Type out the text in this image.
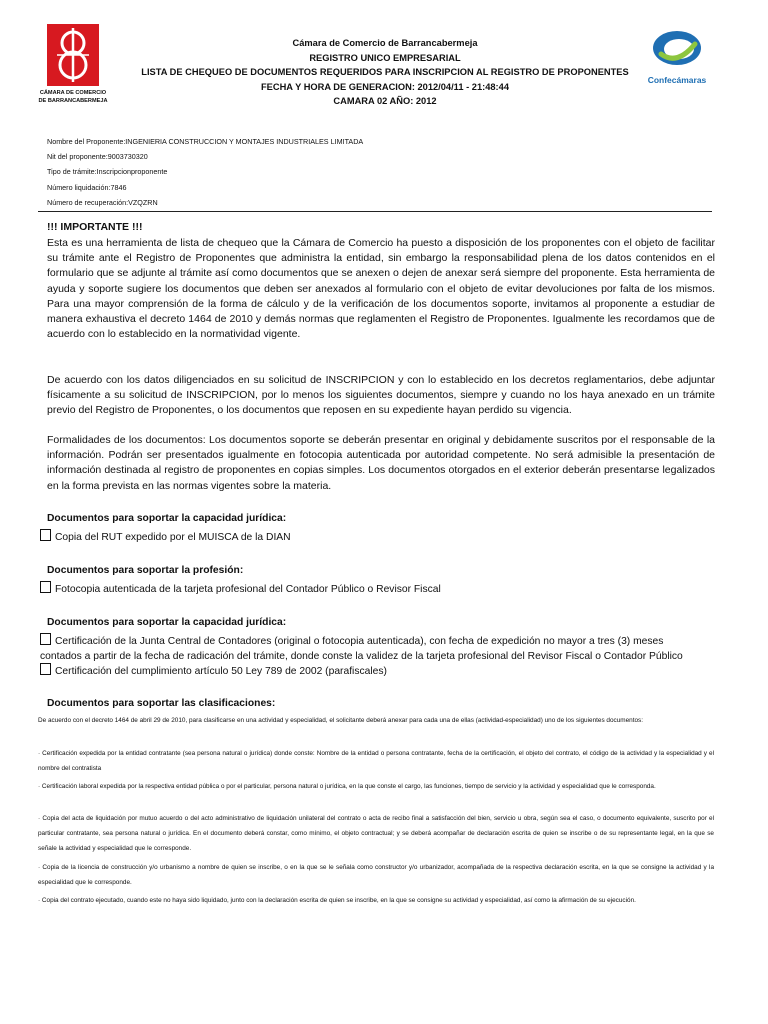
CÁMARA DE COMERCIO
DE BARRANCABERMEJA
Confecámaras
Cámara de Comercio de Barrancabermeja
REGISTRO UNICO EMPRESARIAL
LISTA DE CHEQUEO DE DOCUMENTOS REQUERIDOS PARA INSCRIPCION AL REGISTRO DE PROPONENTES
FECHA Y HORA DE GENERACION: 2012/04/11 - 21:48:44
CAMARA 02 AÑO: 2012
Nombre del Proponente:INGENIERIA CONSTRUCCION Y MONTAJES INDUSTRIALES LIMITADA
Nit del proponente:9003730320
Tipo de trámite:Inscripcionproponente
Número liquidación:7846
Número de recuperación:VZQZRN
!!! IMPORTANTE !!!

Esta es una herramienta de lista de chequeo que la Cámara de Comercio ha puesto a disposición de los proponentes con el objeto de facilitar su trámite ante el Registro de Proponentes que administra la entidad, sin embargo la responsabilidad plena de los datos contenidos en el formulario que se adjunte al trámite así como documentos que se anexen o dejen de anexar será siempre del proponente. Esta herramienta de ayuda y soporte sugiere los documentos que deben ser anexados al formulario con el objeto de evitar devoluciones por falta de los mismos. Para una mayor comprensión de la forma de cálculo y de la verificación de los documentos soporte, invitamos al proponente a estudiar de manera exhaustiva el decreto 1464 de 2010 y demás normas que reglamenten el Registro de Proponentes. Igualmente les recordamos que de acuerdo con lo establecido en la normatividad vigente.

De acuerdo con los datos diligenciados en su solicitud de INSCRIPCION y con lo establecido en los decretos reglamentarios, debe adjuntar físicamente a su solicitud de INSCRIPCION, por lo menos los siguientes documentos, siempre y cuando no los haya anexado en un trámite previo del Registro de Proponentes, o los documentos que reposen en su expediente hayan perdido su vigencia.

Formalidades de los documentos: Los documentos soporte se deberán presentar en original y debidamente suscritos por el responsable de la información. Podrán ser presentados igualmente en fotocopia autenticada por autoridad competente. No será admisible la presentación de información destinada al registro de proponentes en copias simples. Los documentos otorgados en el exterior deberán presentarse legalizados en la forma prevista en las normas vigentes sobre la materia.

Documentos para soportar la capacidad jurídica:
Copia del RUT expedido por el MUISCA de la DIAN
Documentos para soportar la profesión:
Fotocopia autenticada de la tarjeta profesional del Contador Público o Revisor Fiscal
Documentos para soportar la capacidad jurídica:
Certificación de la Junta Central de Contadores (original o fotocopia autenticada), con fecha de expedición no mayor a tres (3) meses contados a partir de la fecha de radicación del trámite, donde conste la validez de la tarjeta profesional del Revisor Fiscal o Contador Público
Certificación del cumplimiento artículo 50 Ley 789 de 2002 (parafiscales)
Documentos para soportar las clasificaciones:

De acuerdo con el decreto 1464 de abril 29 de 2010, para clasificarse en una actividad y especialidad, el solicitante deberá anexar para cada una de ellas (actividad-especialidad) uno de los siguientes documentos:

· Certificación expedida por la entidad contratante (sea persona natural o jurídica) donde conste: Nombre de la entidad o persona contratante, fecha de la certificación, el objeto del contrato, el código de la actividad y la especialidad y el nombre del contratista

· Certificación laboral expedida por la respectiva entidad pública o por el particular, persona natural o jurídica, en la que conste el cargo, las funciones, tiempo de servicio y la actividad y especialidad que le corresponda.

· Copia del acta de liquidación por mutuo acuerdo o del acto administrativo de liquidación unilateral del contrato o acta de recibo final a satisfacción del bien, servicio u obra, según sea el caso, o documento equivalente, suscrito por el particular contratante, sea persona natural o jurídica. En el documento deberá constar, como mínimo, el objeto contractual; y se deberá acompañar de declaración escrita de quien se inscribe o de su representante legal, en la que se señale la actividad y especialidad que le corresponde.

· Copia de la licencia de construcción y/o urbanismo a nombre de quien se inscribe, o en la que se le señala como constructor y/o urbanizador, acompañada de la respectiva declaración escrita, en la que se consigne la actividad y la especialidad que le corresponde.

· Copia del contrato ejecutado, cuando este no haya sido liquidado, junto con la declaración escrita de quien se inscribe, en la que se consigne su actividad y especialidad, así como la afirmación de su ejecución.
